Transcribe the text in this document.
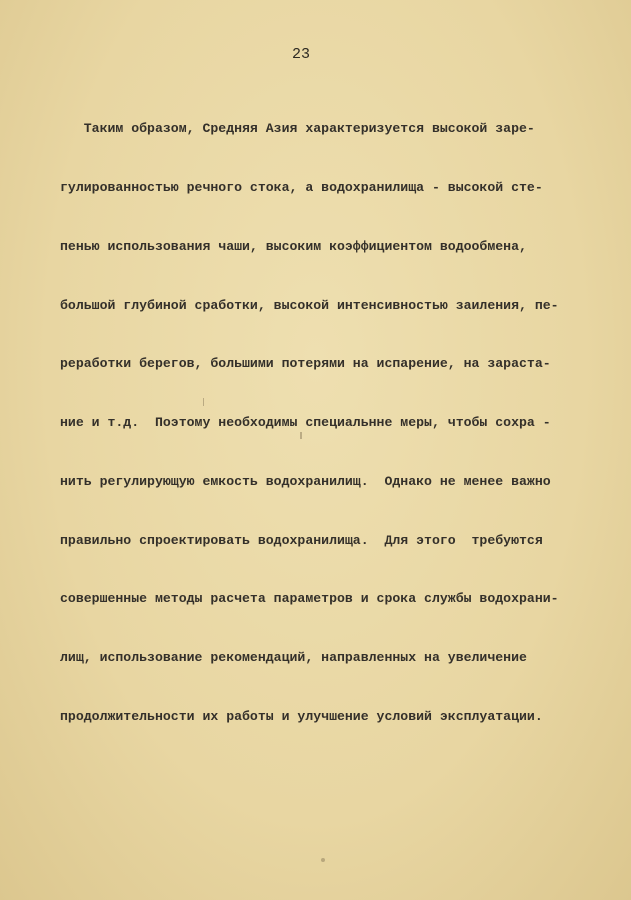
23

Таким образом, Средняя Азия характеризуется высокой заре-

гулированностью речного стока, а водохранилища - высокой сте-

пенью использования чаши, высоким коэффициентом водообмена,

большой глубиной сработки, высокой интенсивностью заиления, пе-

реработки берегов, большими потерями на испарение, на зараста-

ние и т.д.  Поэтому необходимы специальнне меры, чтобы сохра -

нить регулирующую емкость водохранилищ.  Однако не менее важно

правильно спроектировать водохранилища.  Для этого  требуются

совершенные методы расчета параметров и срока службы водохрани-

лищ, использование рекомендаций, направленных на увеличение

продолжительности их работы и улучшение условий эксплуатации.
